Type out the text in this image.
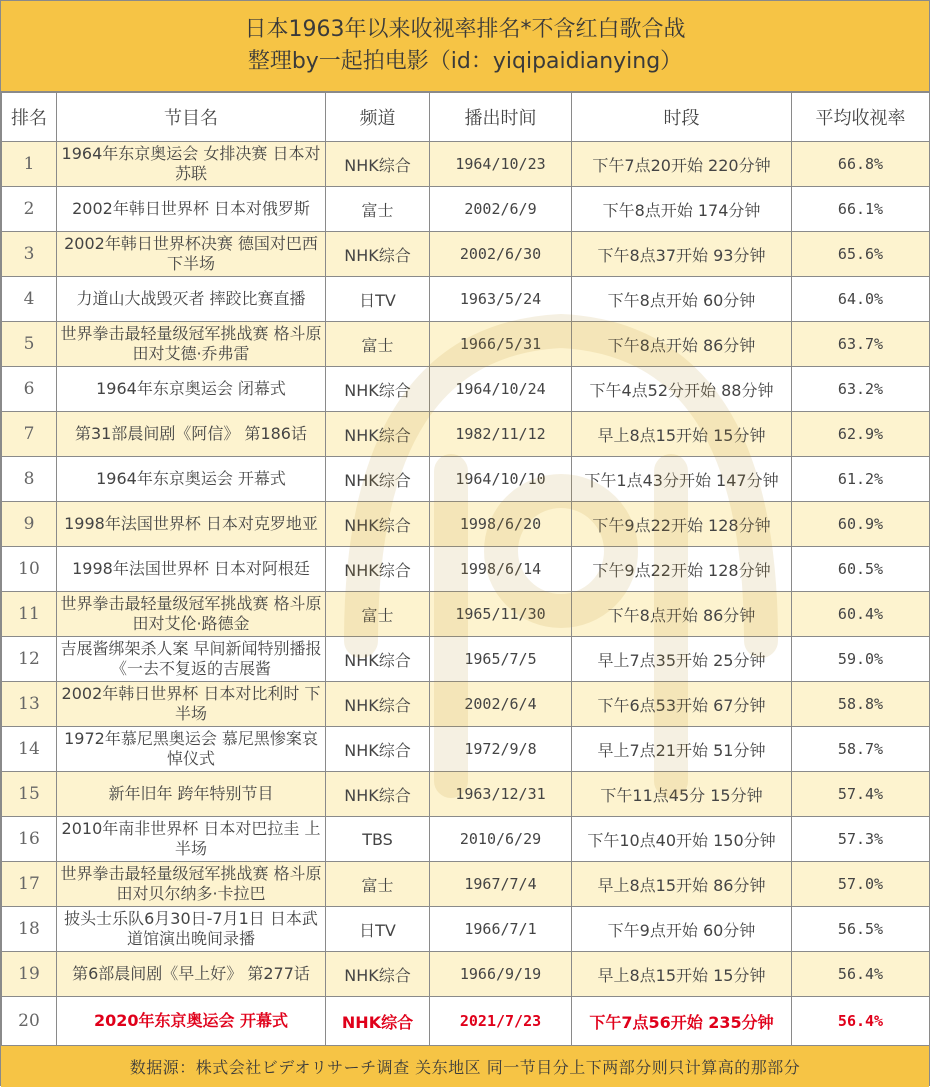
日本1963年以来收视率排名*不含红白歌合战
整理by一起拍电影（id：yiqipaidianying）
排名	节目名	频道	播出时间	时段	平均收视率
1	1964年东京奥运会 女排决赛 日本对苏联	NHK综合	1964/10/23	下午7点20开始 220分钟	66.8%
2	2002年韩日世界杯 日本对俄罗斯	富士	2002/6/9	下午8点开始 174分钟	66.1%
3	2002年韩日世界杯决赛 德国对巴西 下半场	NHK综合	2002/6/30	下午8点37开始 93分钟	65.6%
4	力道山大战毁灭者 摔跤比赛直播	日TV	1963/5/24	下午8点开始 60分钟	64.0%
5	世界拳击最轻量级冠军挑战赛 格斗原田对艾德·乔弗雷	富士	1966/5/31	下午8点开始 86分钟	63.7%
6	1964年东京奥运会 闭幕式	NHK综合	1964/10/24	下午4点52分开始 88分钟	63.2%
7	第31部晨间剧《阿信》 第186话	NHK综合	1982/11/12	早上8点15开始 15分钟	62.9%
8	1964年东京奥运会 开幕式	NHK综合	1964/10/10	下午1点43分开始 147分钟	61.2%
9	1998年法国世界杯 日本对克罗地亚	NHK综合	1998/6/20	下午9点22开始 128分钟	60.9%
10	1998年法国世界杯 日本对阿根廷	NHK综合	1998/6/14	下午9点22开始 128分钟	60.5%
11	世界拳击最轻量级冠军挑战赛 格斗原田对艾伦·路德金	富士	1965/11/30	下午8点开始 86分钟	60.4%
12	吉展酱绑架杀人案 早间新闻特别播报 《一去不复返的吉展酱	NHK综合	1965/7/5	早上7点35开始 25分钟	59.0%
13	2002年韩日世界杯 日本对比利时 下半场	NHK综合	2002/6/4	下午6点53开始 67分钟	58.8%
14	1972年慕尼黑奥运会 慕尼黑惨案哀悼仪式	NHK综合	1972/9/8	早上7点21开始 51分钟	58.7%
15	新年旧年 跨年特别节目	NHK综合	1963/12/31	下午11点45分 15分钟	57.4%
16	2010年南非世界杯 日本对巴拉圭 上半场	TBS	2010/6/29	下午10点40开始 150分钟	57.3%
17	世界拳击最轻量级冠军挑战赛 格斗原田对贝尔纳多·卡拉巴	富士	1967/7/4	早上8点15开始 86分钟	57.0%
18	披头士乐队6月30日-7月1日 日本武道馆演出晚间录播	日TV	1966/7/1	下午9点开始 60分钟	56.5%
19	第6部晨间剧《早上好》 第277话	NHK综合	1966/9/19	早上8点15开始 15分钟	56.4%
20	2020年东京奥运会 开幕式	NHK综合	2021/7/23	下午7点56开始 235分钟	56.4%
数据源：株式会社ビデオリサーチ调查 关东地区 同一节目分上下两部分则只计算高的那部分
